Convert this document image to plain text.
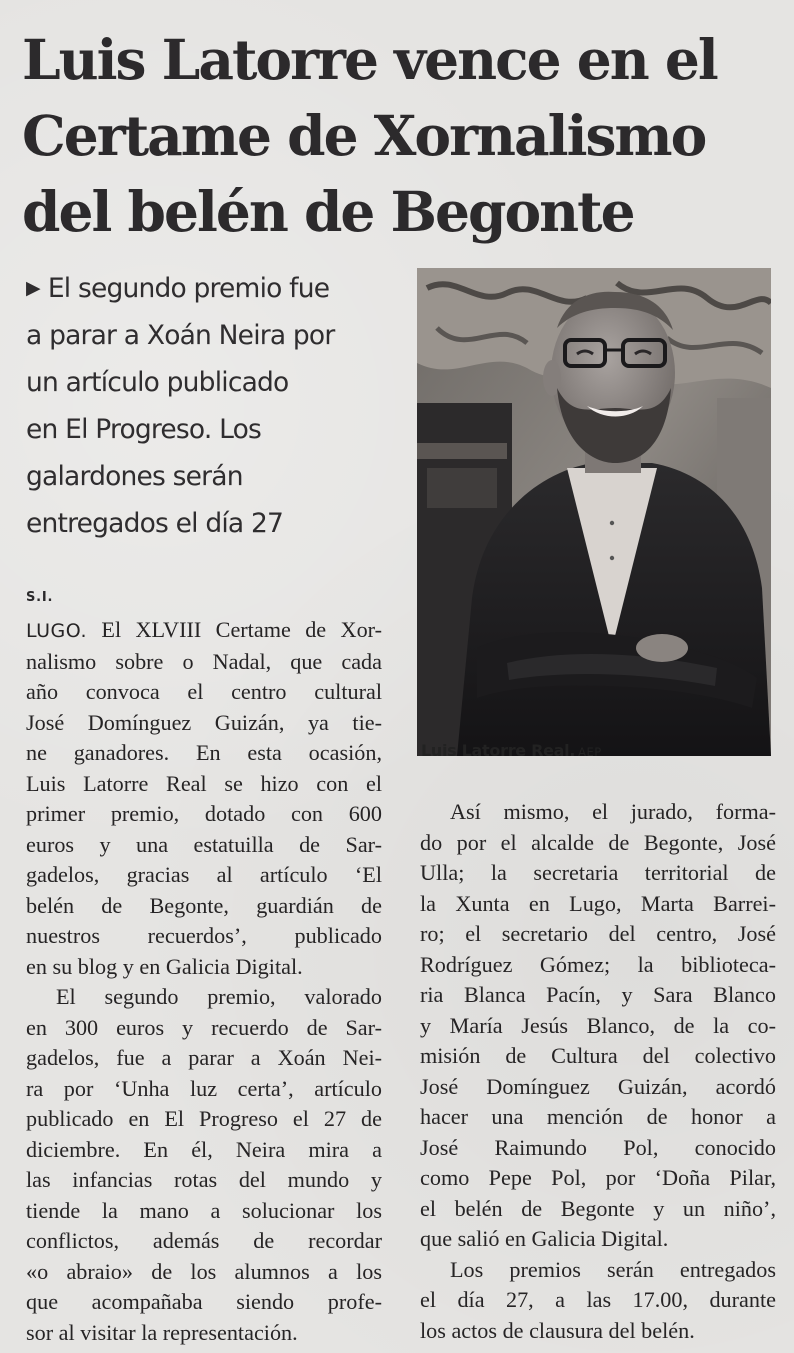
Luis Latorre vence en el
Certame de Xornalismo
del belén de Begonte

▶ El segundo premio fue
a parar a Xoán Neira por
un artículo publicado
en El Progreso. Los
galardones serán
entregados el día 27

Luis Latorre Real. AEP

S.I.

LUGO. El XLVIII Certame de Xor-
nalismo sobre o Nadal, que cada
año convoca el centro cultural
José Domínguez Guizán, ya tie-
ne ganadores. En esta ocasión,
Luis Latorre Real se hizo con el
primer premio, dotado con 600
euros y una estatuilla de Sar-
gadelos, gracias al artículo ‘El
belén de Begonte, guardián de
nuestros recuerdos’, publicado
en su blog y en Galicia Digital.
El segundo premio, valorado
en 300 euros y recuerdo de Sar-
gadelos, fue a parar a Xoán Nei-
ra por ‘Unha luz certa’, artículo
publicado en El Progreso el 27 de
diciembre. En él, Neira mira a
las infancias rotas del mundo y
tiende la mano a solucionar los
conflictos, además de recordar
«o abraio» de los alumnos a los
que acompañaba siendo profe-
sor al visitar la representación.
Así mismo, el jurado, forma-
do por el alcalde de Begonte, José
Ulla; la secretaria territorial de
la Xunta en Lugo, Marta Barrei-
ro; el secretario del centro, José
Rodríguez Gómez; la biblioteca-
ria Blanca Pacín, y Sara Blanco
y María Jesús Blanco, de la co-
misión de Cultura del colectivo
José Domínguez Guizán, acordó
hacer una mención de honor a
José Raimundo Pol, conocido
como Pepe Pol, por ‘Doña Pilar,
el belén de Begonte y un niño’,
que salió en Galicia Digital.
Los premios serán entregados
el día 27, a las 17.00, durante
los actos de clausura del belén.
